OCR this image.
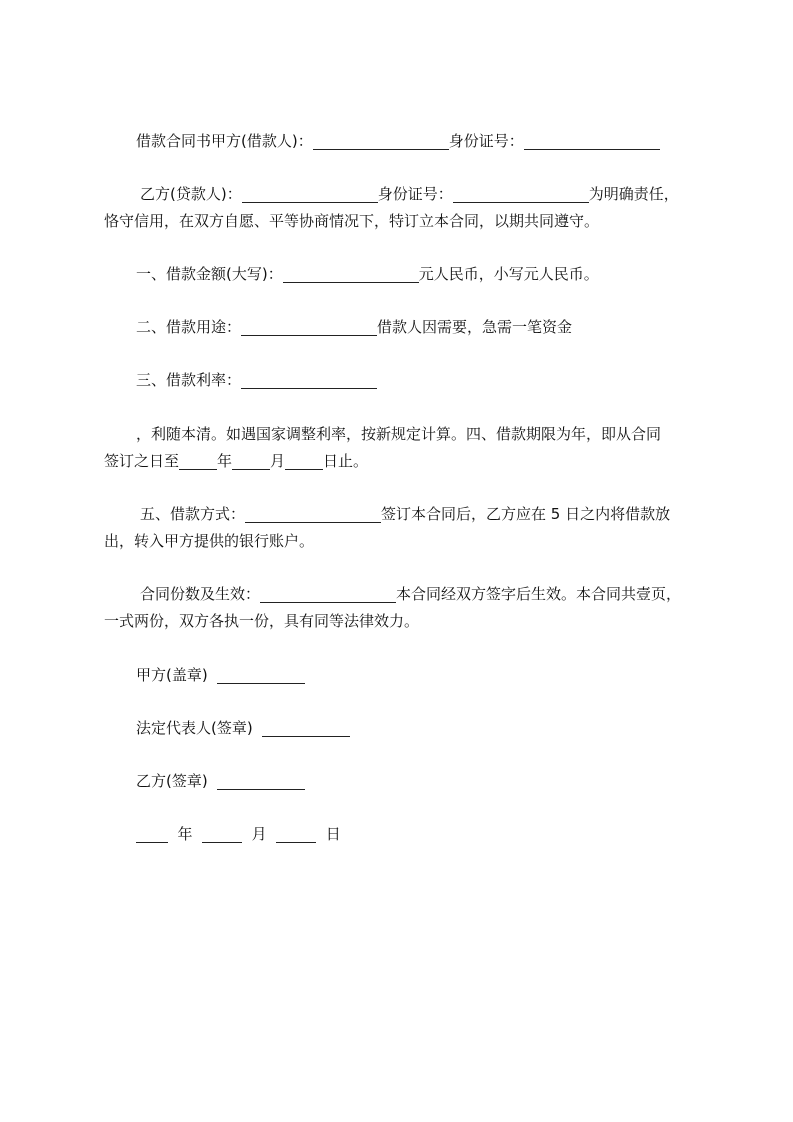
借款合同书甲方(借款人)：	身份证号：
乙方(贷款人)：	身份证号：	为明确责任，
恪守信用，在双方自愿、平等协商情况下，特订立本合同，以期共同遵守。
一、借款金额(大写)：	元人民币，小写元人民币。
二、借款用途：	借款人因需要，急需一笔资金
三、借款利率：
，利随本清。如遇国家调整利率，按新规定计算。四、借款期限为年，即从合同
签订之日至	年	月	日止。
五、借款方式：	签订本合同后，乙方应在 5 日之内将借款放
出，转入甲方提供的银行账户。
合同份数及生效：	本合同经双方签字后生效。本合同共壹页，
一式两份，双方各执一份，具有同等法律效力。
甲方(盖章)
法定代表人(签章)
乙方(签章)
年	月	日
